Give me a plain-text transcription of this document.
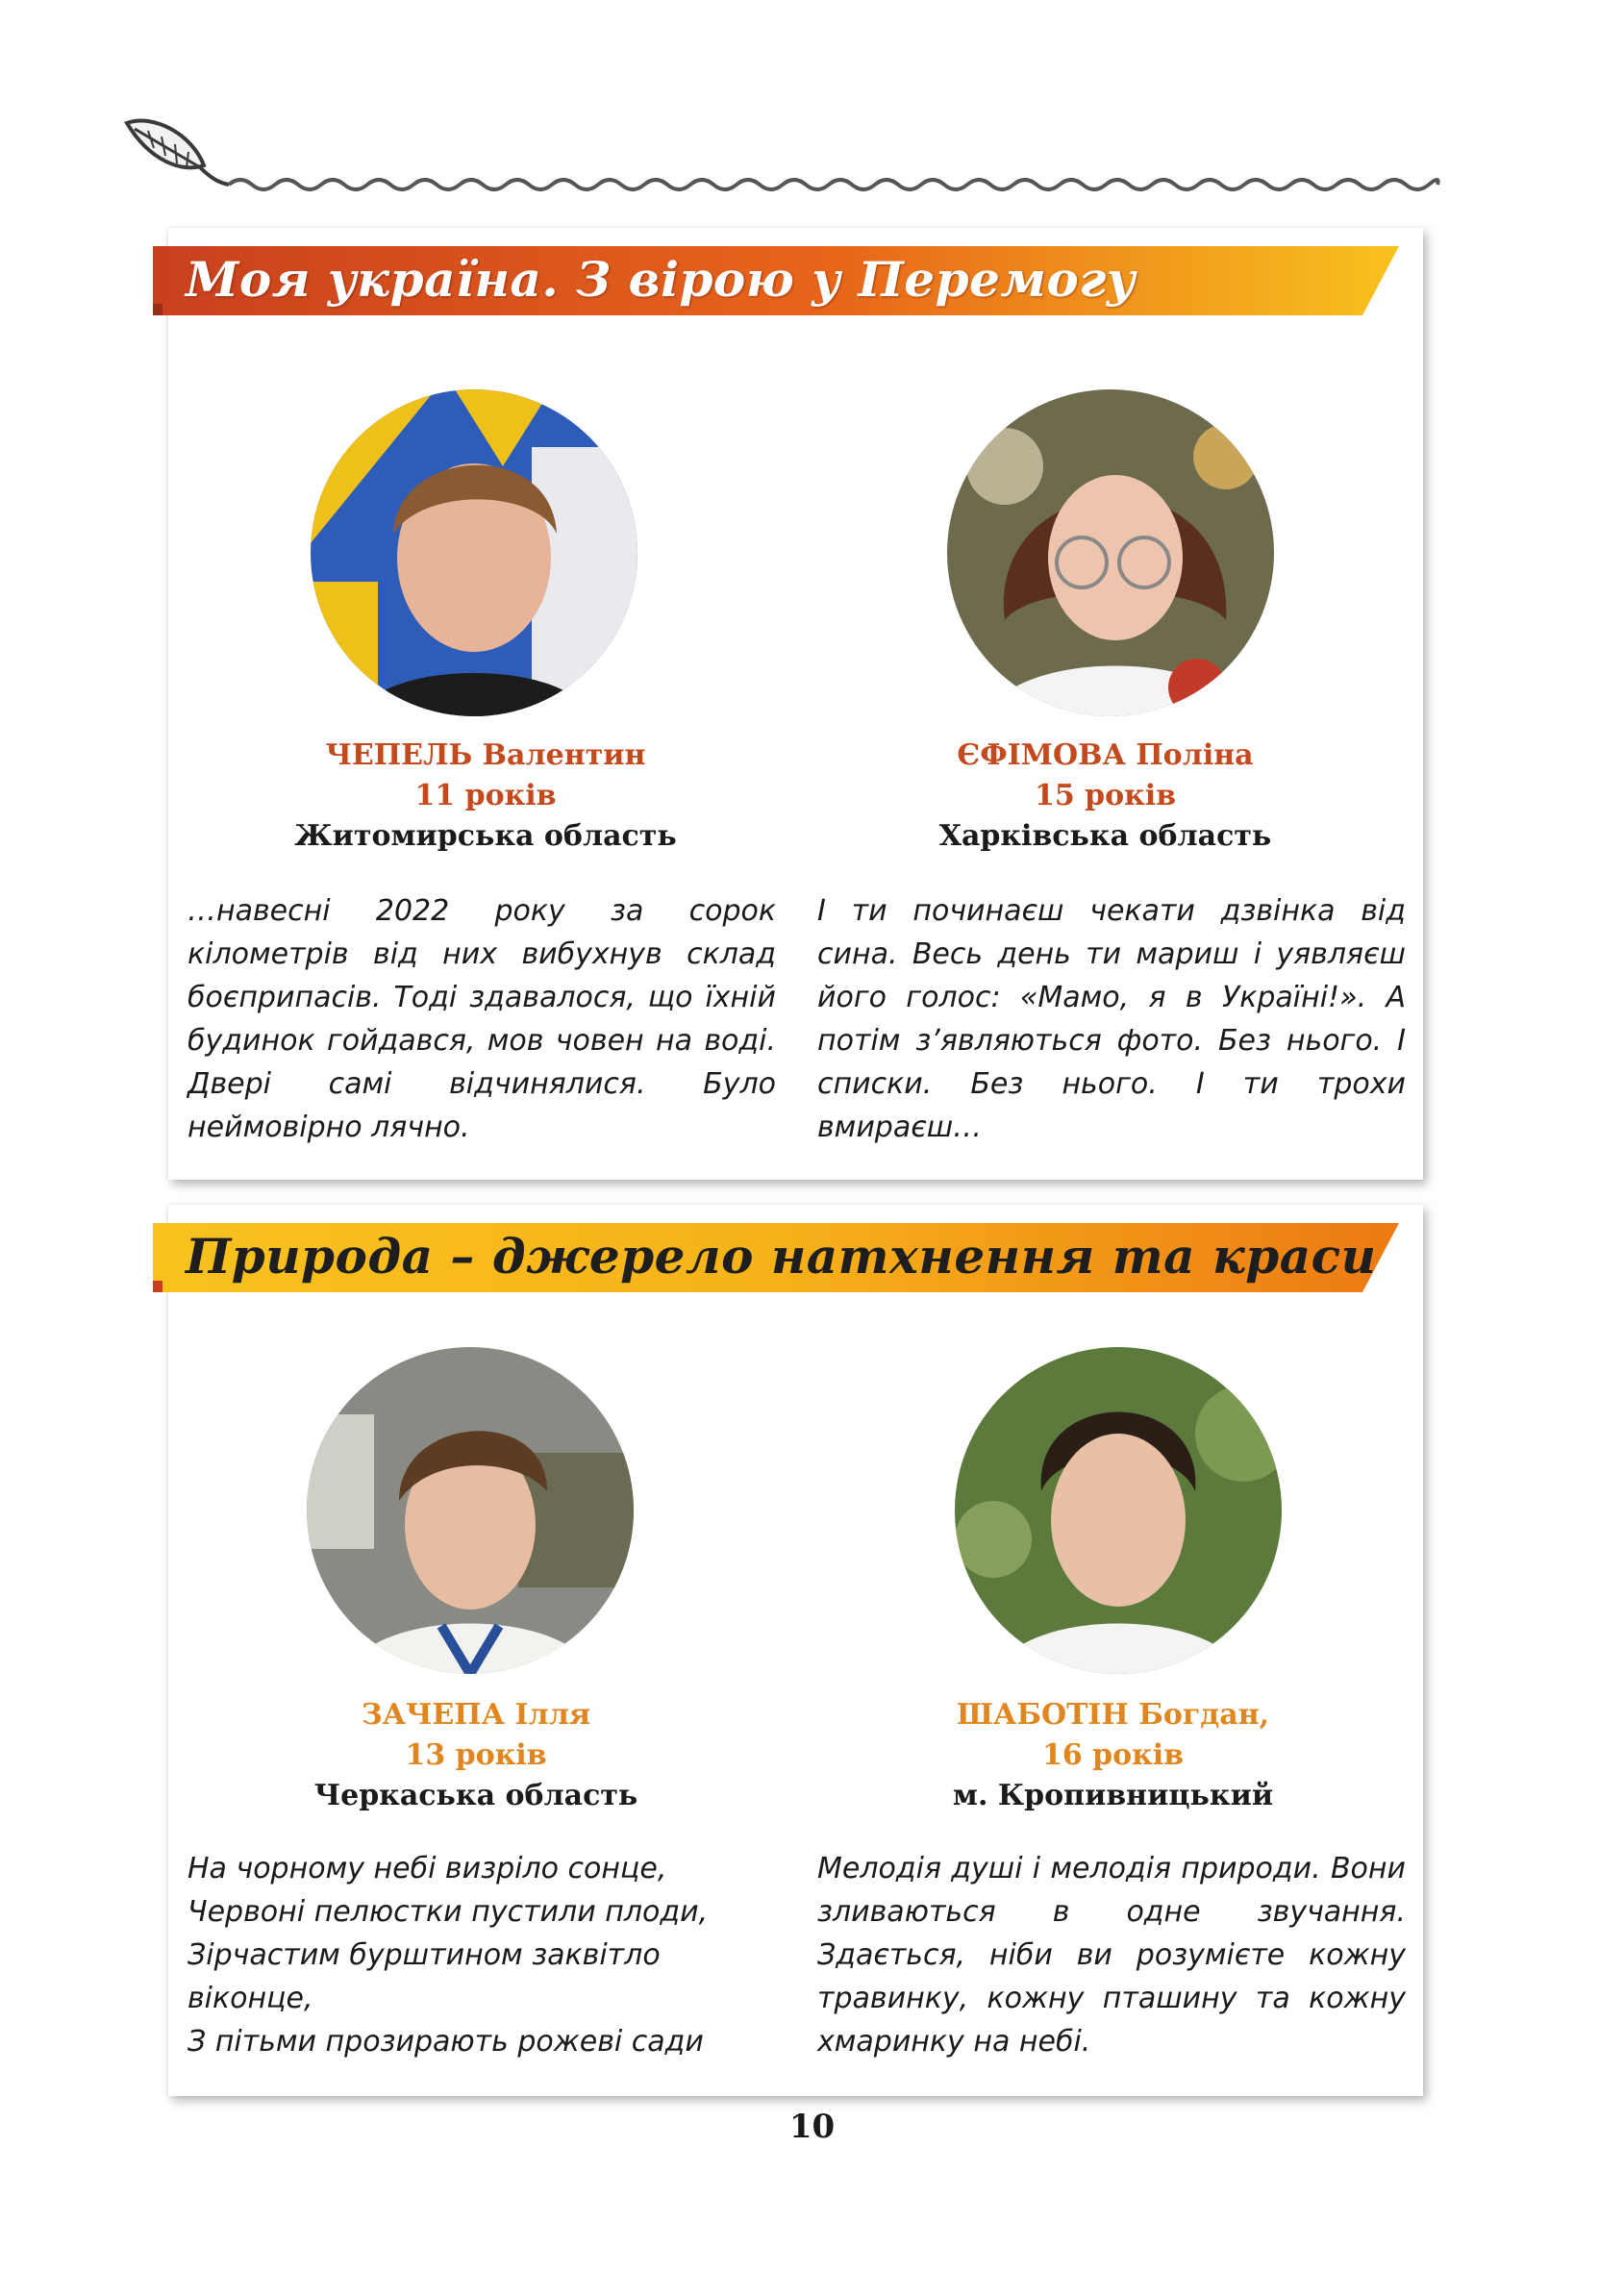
Моя україна. З вірою у Перемогу
ЧЕПЕЛЬ Валентин
11 років
Житомирська область

…навесні 2022 року за сорок кілометрів від них вибухнув склад боєприпасів. Тоді здавалося, що їхній будинок гойдався, мов човен на воді. Двері самі відчинялися. Було неймовірно лячно.

ЄФІМОВА Поліна
15 років
Харківська область

І ти починаєш чекати дзвінка від сина. Весь день ти мариш і уявляєш його голос: «Мамо, я в Україні!». А потім з’являються фото. Без нього. І списки. Без нього. І ти трохи вмираєш…

Природа – джерело натхнення та краси
ЗАЧЕПА Ілля
13 років
Черкаська область
На чорному небі визріло сонце,
Червоні пелюстки пустили плоди,
Зірчастим бурштином заквітло
віконце,
З пітьми прозирають рожеві сади
ШАБОТІН Богдан,
16 років
м. Кропивницький

Мелодія душі і мелодія природи. Вони зливаються в одне звучання. Здається, ніби ви розумієте кожну травинку, кожну пташину та кожну хмаринку на небі.

10
